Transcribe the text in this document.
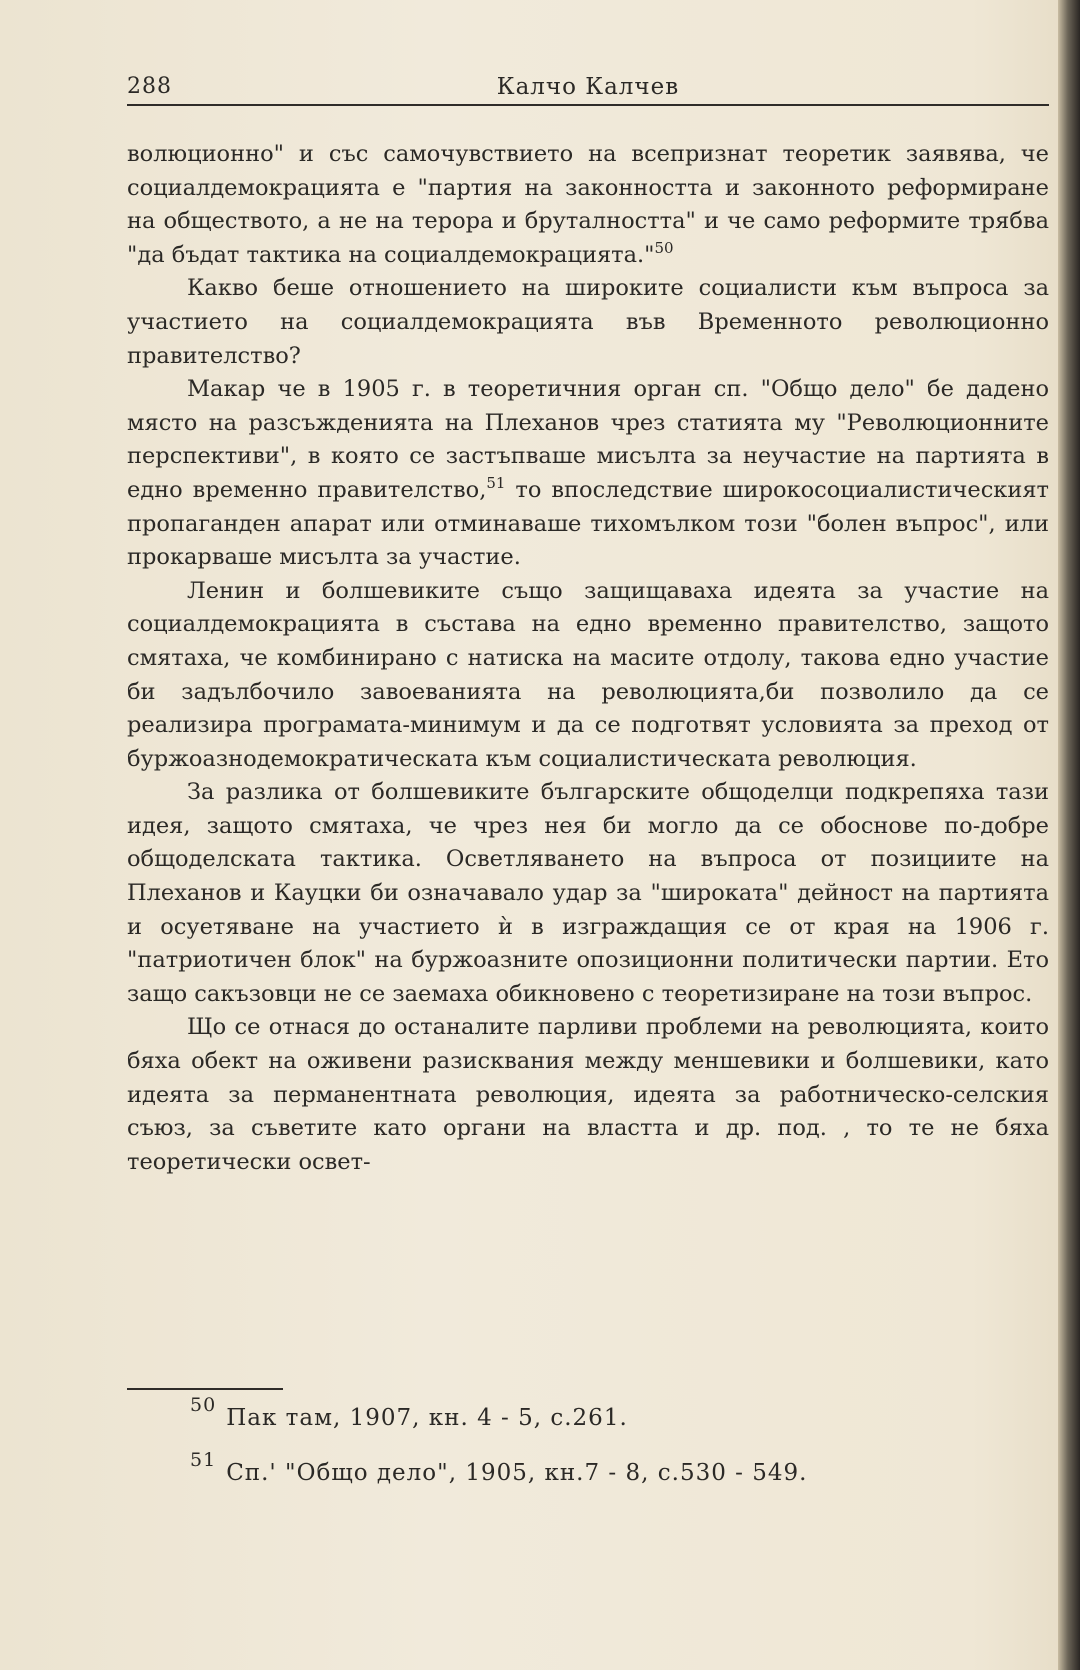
288	Калчо Калчев

волюционно" и със самочувствието на всепризнат теоретик заявява, че социалдемокрацията е "партия на законността и законното реформиране на обществото, а не на терора и бруталността" и че само реформите трябва "да бъдат тактика на социалдемокрацията."$^{50}$

Какво беше отношението на широките социалисти към въпроса за участието на социалдемокрацията във Временното революционно правителство?

Макар че в 1905 г. в теоретичния орган сп. "Общо дело" бе дадено място на разсъжденията на Плеханов чрез статията му "Революционните перспективи", в която се застъпваше мисълта за неучастие на партията в едно временно правителство,$^{51}$ то впоследствие широкосоциалистическият пропаганден апарат или отминаваше тихомълком този "болен въпрос", или прокарваше мисълта за участие.

Ленин и болшевиките също защищаваха идеята за участие на социалдемокрацията в състава на едно временно правителство, защото смятаха, че комбинирано с натиска на масите отдолу, такова едно участие би задълбочило завоеванията на революцията,би позволило да се реализира програмата-минимум и да се подготвят условията за преход от буржоазнодемократическата към социалистическата революция.

За разлика от болшевиките българските общоделци подкрепяха тази идея, защото смятаха, че чрез нея би могло да се обоснове по-добре общоделската тактика. Осветляването на въпроса от позициите на Плеханов и Кауцки би означавало удар за "широката" дейност на партията и осуетяване на участието ѝ в изграждащия се от края на 1906 г. "патриотичен блок" на буржоазните опозиционни политически партии. Ето защо сакъзовци не се заемаха обикновено с теоретизиране на този въпрос.

Що се отнася до останалите парливи проблеми на революцията, които бяха обект на оживени разисквания между меншевики и болшевики, като идеята за перманентната революция, идеята за работническо-селския съюз, за съветите като органи на властта и др. под. , то те не бяха теоретически освет-

$^{50}$ Пак там, 1907, кн. 4 - 5, с.261.
$^{51}$ Сп.' "Общо дело", 1905, кн.7 - 8, с.530 - 549.
